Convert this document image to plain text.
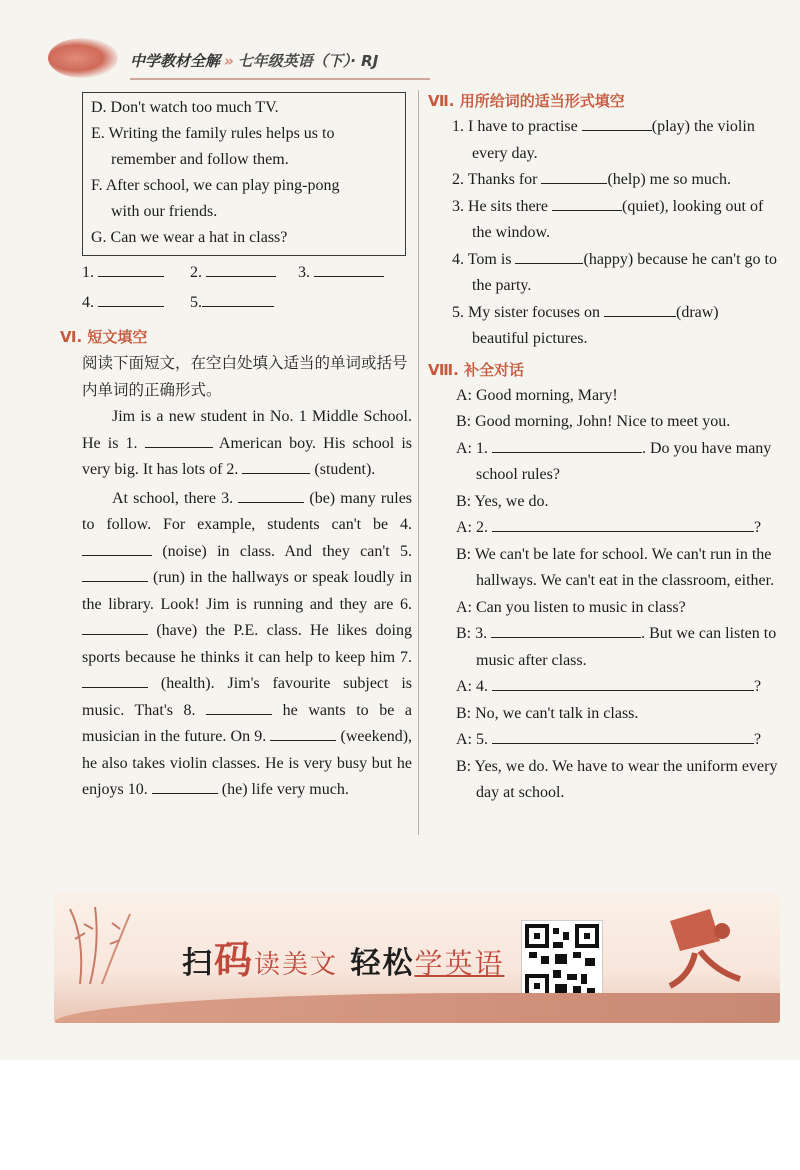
中学教材全解 » 七年级英语（下）· RJ

D. Don't watch too much TV.

E. Writing the family rules helps us to

remember and follow them.

F. After school, we can play ping-pong

with our friends.

G. Can we wear a hat in class?

1.	2.	3.
4.	5.

Ⅵ. 短文填空

阅读下面短文，在空白处填入适当的单词或括号内单词的正确形式。

Jim is a new student in No. 1 Middle School. He is 1.	American boy. His school is very big. It has lots of 2.	(student).

At school, there 3.	(be) many rules to follow. For example, students can't be 4.  (noise) in class. And they can't 5.  (run) in the hallways or speak loudly in the library. Look! Jim is running and they are 6.  (have) the P.E. class. He likes doing sports because he thinks it can help to keep him 7.  (health). Jim's favourite subject is music. That's 8.	he wants to be a musician in the future. On 9.	(weekend), he also takes violin classes. He is very busy but he enjoys 10.	(he) life very much.

Ⅶ. 用所给词的适当形式填空

1. I have to practise	(play) the violin every day.

2. Thanks for	(help) me so much.

3. He sits there	(quiet), looking out of the window.

4. Tom is	(happy) because he can't go to the party.

5. My sister focuses on	(draw) beautiful pictures.

Ⅷ. 补全对话

A: Good morning, Mary!

B: Good morning, John! Nice to meet you.

A: 1.	. Do you have many school rules?

B: Yes, we do.

A: 2.	?

B: We can't be late for school. We can't run in the hallways. We can't eat in the classroom, either.

A: Can you listen to music in class?

B: 3.	. But we can listen to music after class.

A: 4.	?

B: No, we can't talk in class.

A: 5.	?

B: Yes, we do. We have to wear the uniform every day at school.

扫码读美文 轻松学英语
